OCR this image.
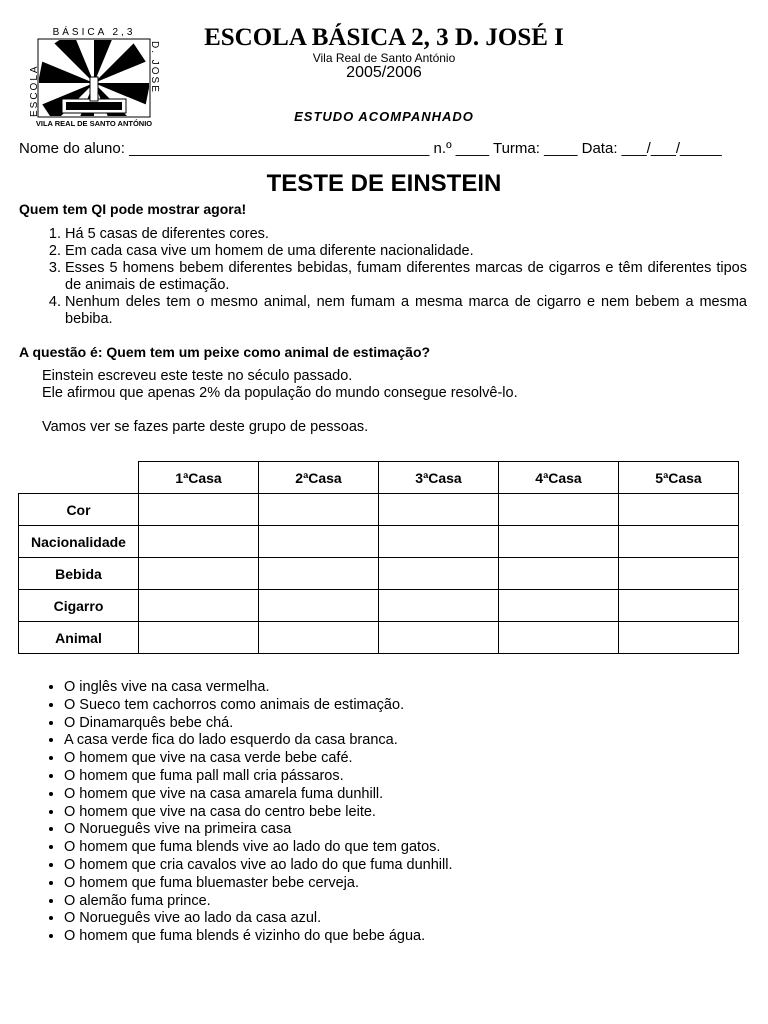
BÁSICA 2,3
ESCOLA	D. JOSÉ
VILA REAL DE SANTO ANTÓNIO
ESCOLA BÁSICA 2, 3 D. JOSÉ I
Vila Real de Santo António
2005/2006
ESTUDO ACOMPANHADO
Nome do aluno: ____________________________________ n.º ____ Turma: ____ Data: ___/___/_____
TESTE DE EINSTEIN
Quem tem QI pode mostrar agora!
1. Há 5 casas de diferentes cores.
2. Em cada casa vive um homem de uma diferente nacionalidade.
3. Esses 5 homens bebem diferentes bebidas, fumam diferentes marcas de cigarros e têm diferentes tipos de animais de estimação.
4. Nenhum deles tem o mesmo animal, nem fumam a mesma marca de cigarro e nem bebem a mesma bebiba.
A questão é: Quem tem um peixe como animal de estimação?

Einstein escreveu este teste no século passado.

Ele afirmou que apenas 2% da população do mundo consegue resolvê-lo.

Vamos ver se fazes parte deste grupo de pessoas.

	1ªCasa	2ªCasa	3ªCasa	4ªCasa	5ªCasa
Cor					
Nacionalidade					
Bebida					
Cigarro					
Animal					
• O inglês vive na casa vermelha.
• O Sueco tem cachorros como animais de estimação.
• O Dinamarquês bebe chá.
• A casa verde fica do lado esquerdo da casa branca.
• O homem que vive na casa verde bebe café.
• O homem que fuma pall mall cria pássaros.
• O homem que vive na casa amarela fuma dunhill.
• O homem que vive na casa do centro bebe leite.
• O Norueguês vive na primeira casa
• O homem que fuma blends vive ao lado do que tem gatos.
• O homem que cria cavalos vive ao lado do que fuma dunhill.
• O homem que fuma bluemaster bebe cerveja.
• O alemão fuma prince.
• O Norueguês vive ao lado da casa azul.
• O homem que fuma blends é vizinho do que bebe água.
